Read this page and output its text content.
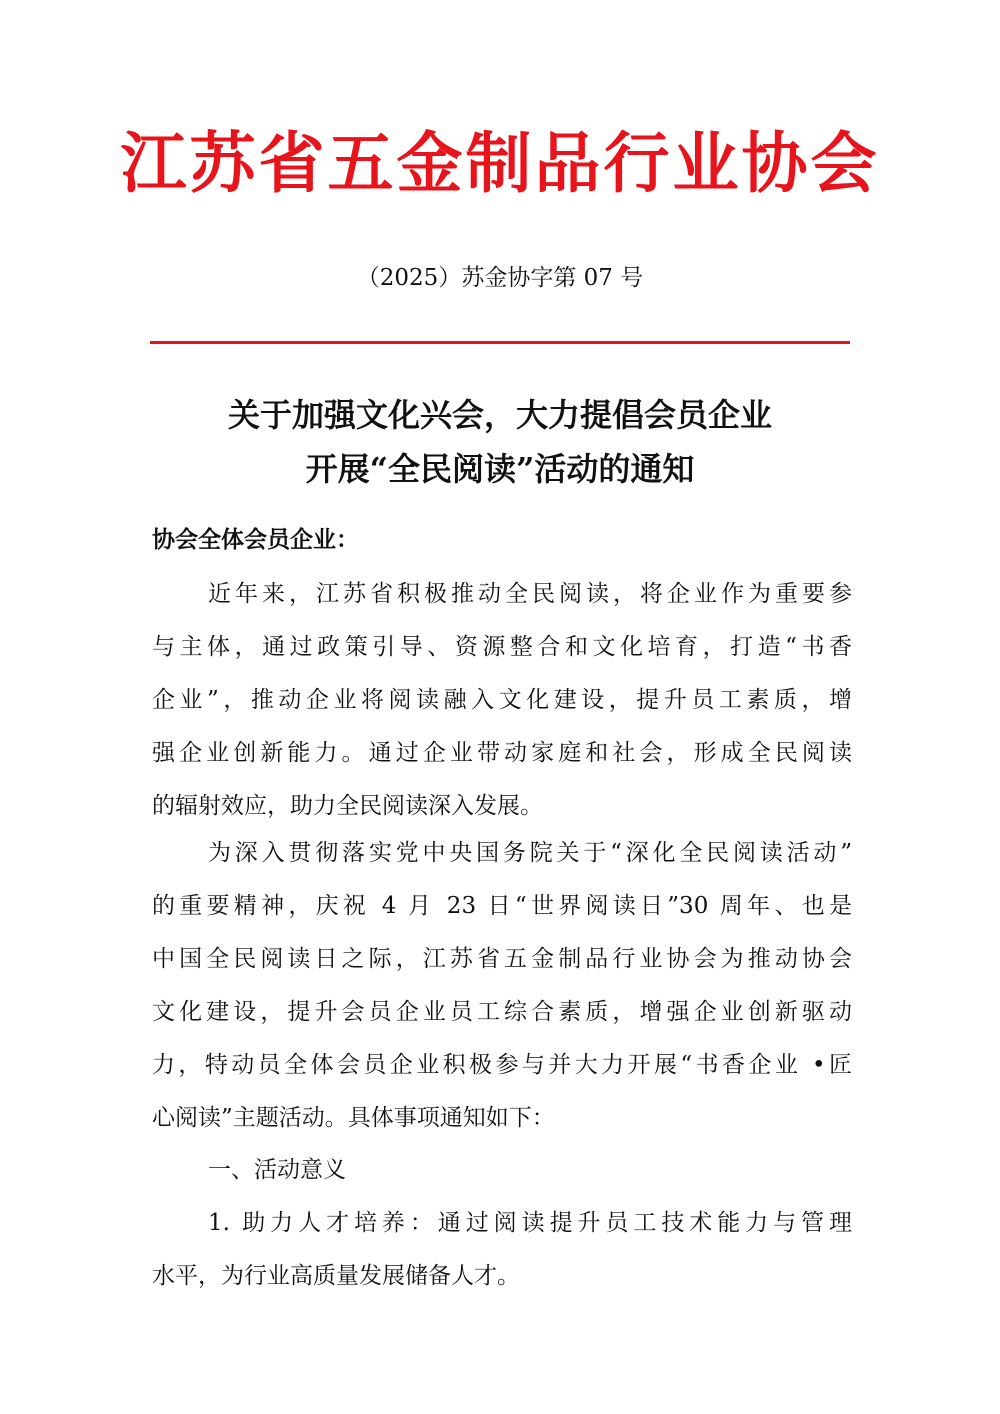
江苏省五金制品行业协会
（2025）苏金协字第 07 号
关于加强文化兴会，大力提倡会员企业
开展“全民阅读”活动的通知
协会全体会员企业：
近年来，江苏省积极推动全民阅读，将企业作为重要参
与主体，通过政策引导、资源整合和文化培育，打造“书香
企业”，推动企业将阅读融入文化建设，提升员工素质，增
强企业创新能力。通过企业带动家庭和社会，形成全民阅读
的辐射效应，助力全民阅读深入发展。
为深入贯彻落实党中央国务院关于“深化全民阅读活动”
的重要精神，庆祝 4 月 23 日“世界阅读日”30 周年、也是
中国全民阅读日之际，江苏省五金制品行业协会为推动协会
文化建设，提升会员企业员工综合素质，增强企业创新驱动
力，特动员全体会员企业积极参与并大力开展“书香企业 •匠
心阅读”主题活动。具体事项通知如下：
一、活动意义
1. 助力人才培养：通过阅读提升员工技术能力与管理
水平，为行业高质量发展储备人才。
